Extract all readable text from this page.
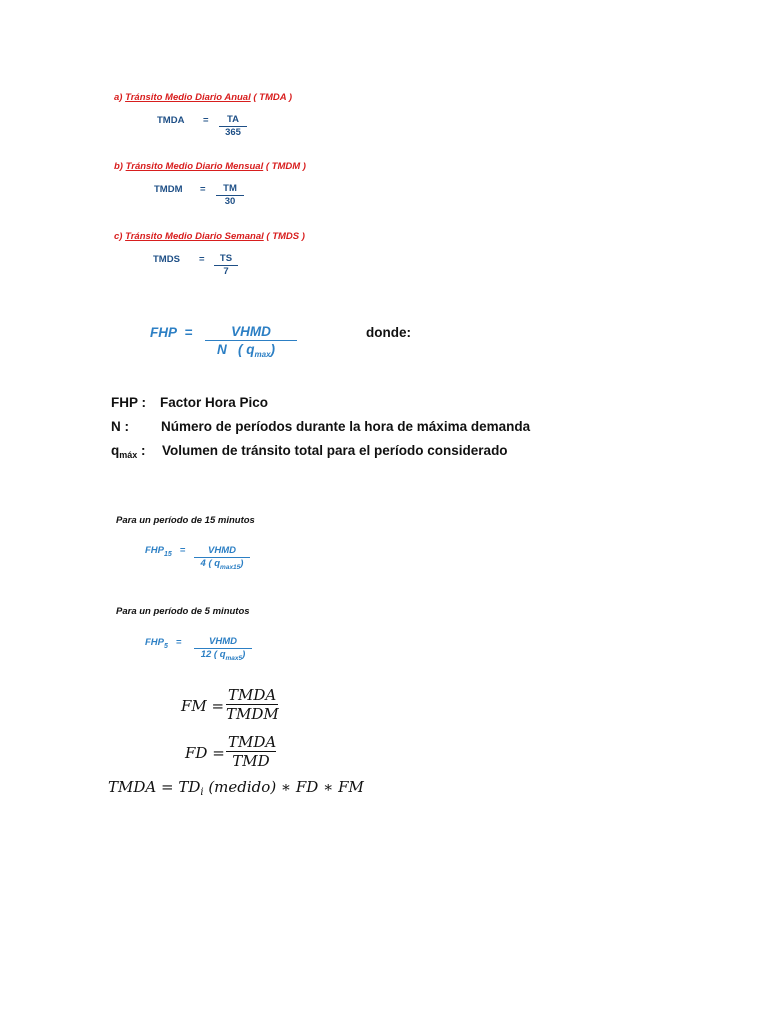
a) Tránsito Medio Diario Anual ( TMDA )
TMDA = $\frac{TA}{365}$
b) Tránsito Medio Diario Mensual ( TMDM )
TMDM = $\frac{TM}{30}$
c) Tránsito Medio Diario Semanal ( TMDS )
TMDS = $\frac{TS}{7}$
FHP =	VHMD
N   ( $q_{max}$)
donde:
FHP : Factor Hora Pico
N : Número de períodos durante la hora de máxima demanda
$q_{máx}$ : Volumen de tránsito total para el período considerado
Para un período de 15 minutos
$FHP_{15}$ =	VHMD
4 ( $q_{max15}$)
Para un período de 5 minutos
$FHP_5$ =	VHMD
12 ( $q_{max5}$)
FM =
TMDA
TMDM
FD =
TMDA
TMD
TMDA = $TD_i$ (medido) ∗ FD ∗ FM
